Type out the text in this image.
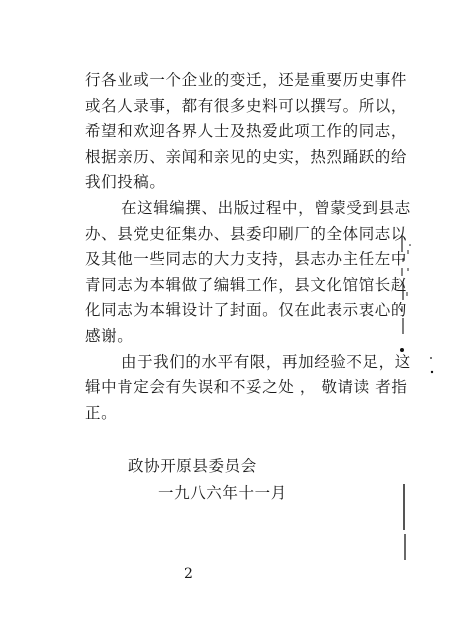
行各业或一个企业的变迁，还是重要历史事件
或名人录事，都有很多史料可以撰写。所以，
希望和欢迎各界人士及热爱此项工作的同志，
根据亲历、亲闻和亲见的史实，热烈踊跃的给
我们投稿。
在这辑编撰、出版过程中，曾蒙受到县志
办、县党史征集办、县委印刷厂的全体同志以
及其他一些同志的大力支持，县志办主任左中
青同志为本辑做了编辑工作，县文化馆馆长赵
化同志为本辑设计了封面。仅在此表示衷心的
感谢。
由于我们的水平有限，再加经验不足，这
辑中肯定会有失误和不妥之处 ， 敬请读 者指
正。
政协开原县委员会
一九八六年十一月
2
